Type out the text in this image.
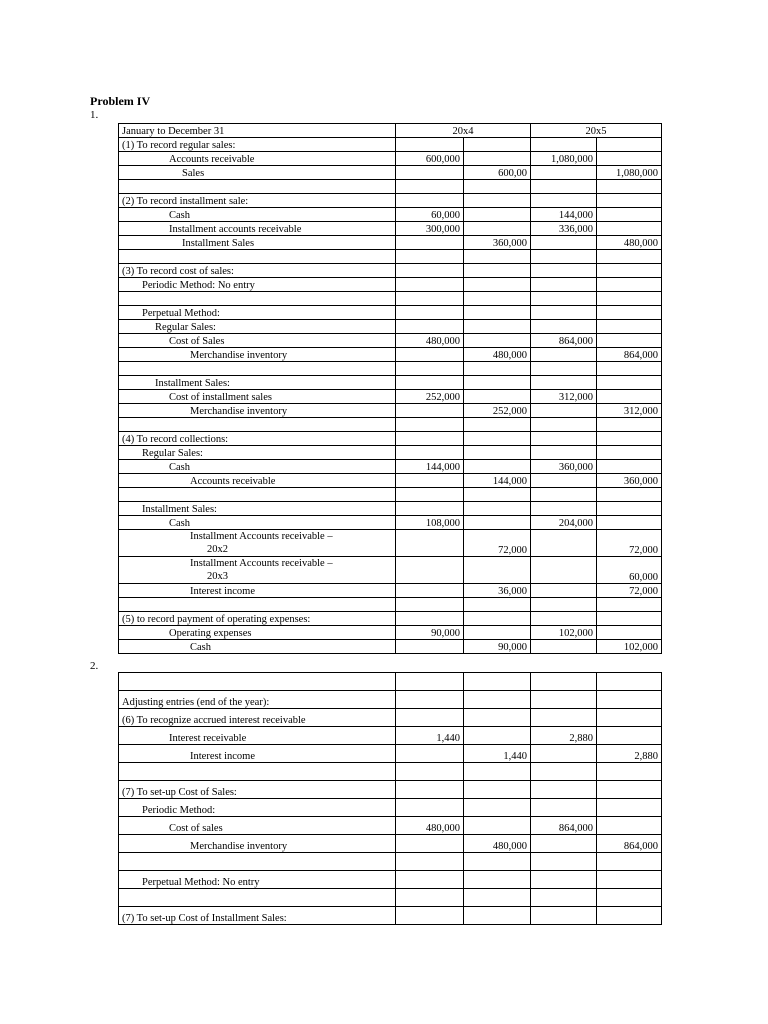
Problem IV
1.
2.
January to December 31	20x4		20x5	
(1) To record regular sales:				
Accounts receivable	600,000		1,080,000	
Sales		600,00		1,080,000

(2) To record installment sale:				
Cash	60,000		144,000	
Installment accounts receivable	300,000		336,000	
Installment Sales		360,000		480,000

(3) To record cost of sales:				
Periodic Method: No entry				

Perpetual Method:				
Regular Sales:				
Cost of Sales	480,000		864,000	
Merchandise inventory		480,000		864,000

Installment Sales:				
Cost of installment sales	252,000		312,000	
Merchandise inventory		252,000		312,000

(4) To record collections:				
Regular Sales:				
Cash	144,000		360,000	
Accounts receivable		144,000		360,000

Installment Sales:				
Cash	108,000		204,000	
Installment Accounts receivable –
20x2		72,000		72,000
Installment Accounts receivable –
20x3				60,000
Interest income		36,000		72,000

(5) to record payment of operating expenses:				
Operating expenses	90,000		102,000	
Cash		90,000		102,000

Adjusting entries (end of the year):				
(6) To recognize accrued interest receivable				
Interest receivable	1,440		2,880	
Interest income		1,440		2,880

(7) To set-up Cost of Sales:				
Periodic Method:				
Cost of sales	480,000		864,000	
Merchandise inventory		480,000		864,000

Perpetual Method: No entry				

(7) To set-up Cost of Installment Sales:				
